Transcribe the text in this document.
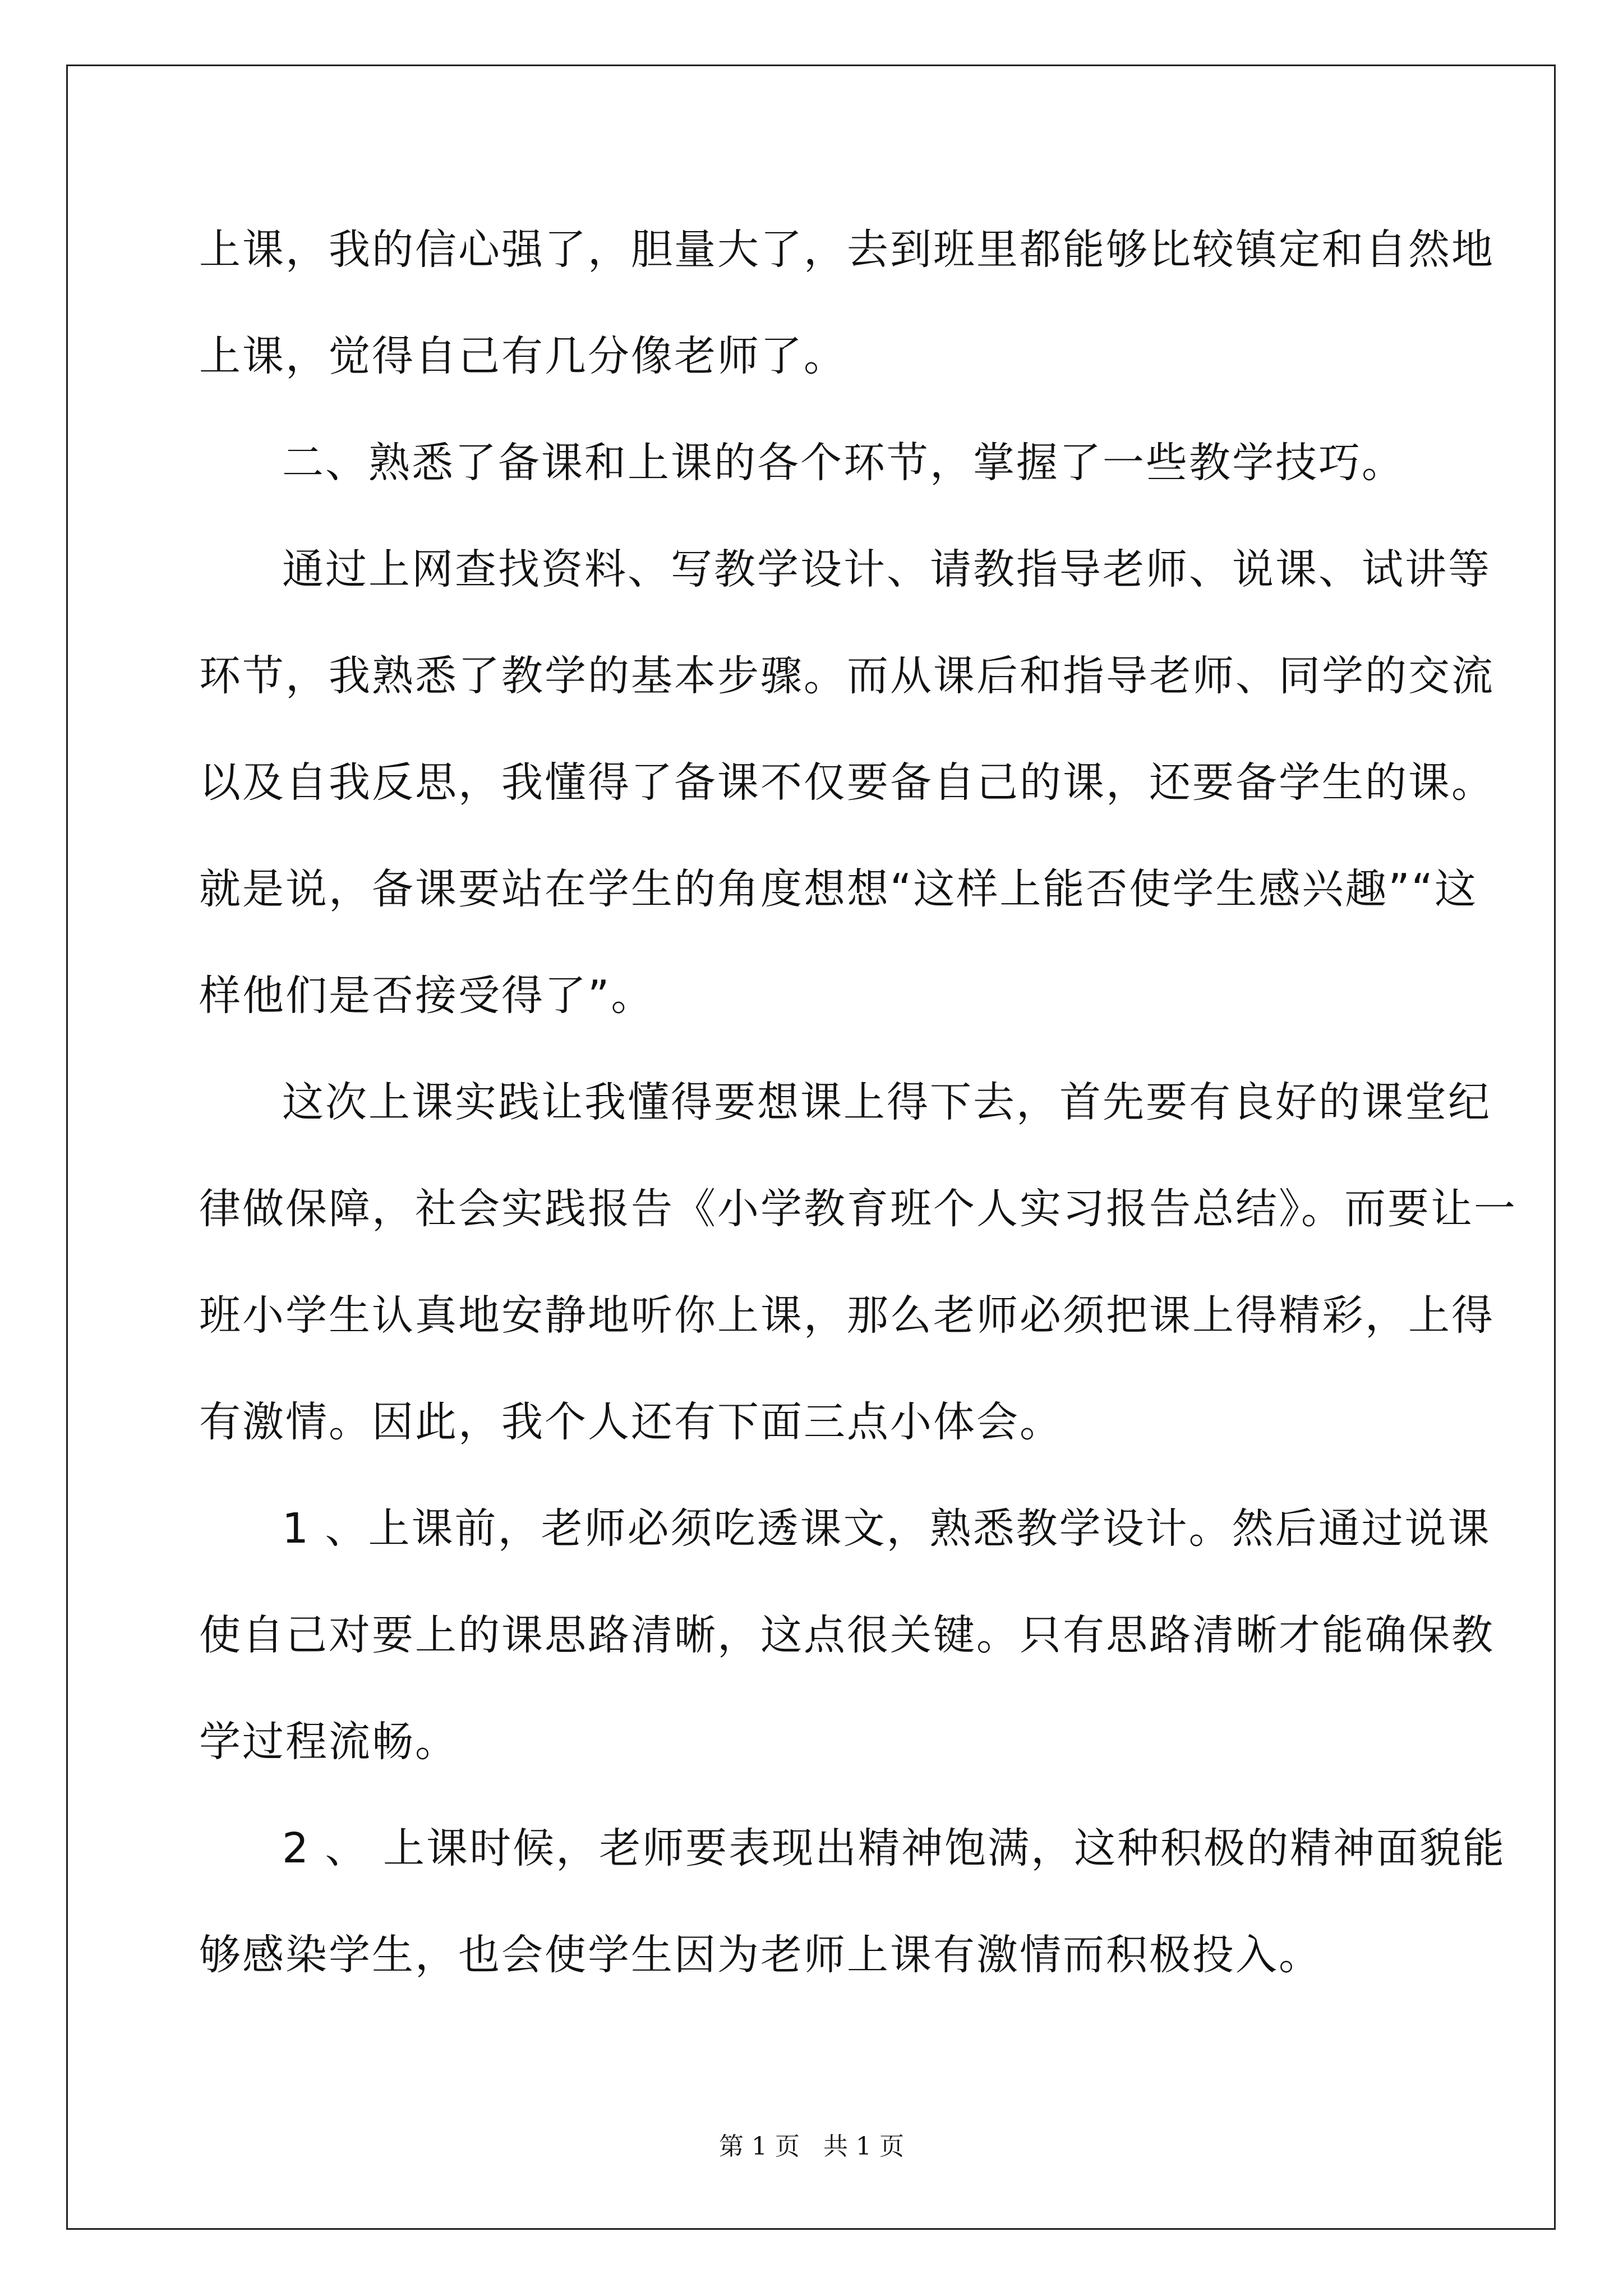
上课，我的信心强了，胆量大了，去到班里都能够比较镇定和自然地
上课，觉得自己有几分像老师了。
二、熟悉了备课和上课的各个环节，掌握了一些教学技巧。
通过上网查找资料、写教学设计、请教指导老师、说课、试讲等
环节，我熟悉了教学的基本步骤。而从课后和指导老师、同学的交流
以及自我反思，我懂得了备课不仅要备自己的课，还要备学生的课。
就是说，备课要站在学生的角度想想“这样上能否使学生感兴趣”“这
样他们是否接受得了”。
这次上课实践让我懂得要想课上得下去，首先要有良好的课堂纪
律做保障，社会实践报告《小学教育班个人实习报告总结》。而要让一
班小学生认真地安静地听你上课，那么老师必须把课上得精彩，上得
有激情。因此，我个人还有下面三点小体会。
1 、上课前，老师必须吃透课文，熟悉教学设计。然后通过说课
使自己对要上的课思路清晰，这点很关键。只有思路清晰才能确保教
学过程流畅。
2 、 上课时候，老师要表现出精神饱满，这种积极的精神面貌能
够感染学生，也会使学生因为老师上课有激情而积极投入。
第 1 页 共 1 页
